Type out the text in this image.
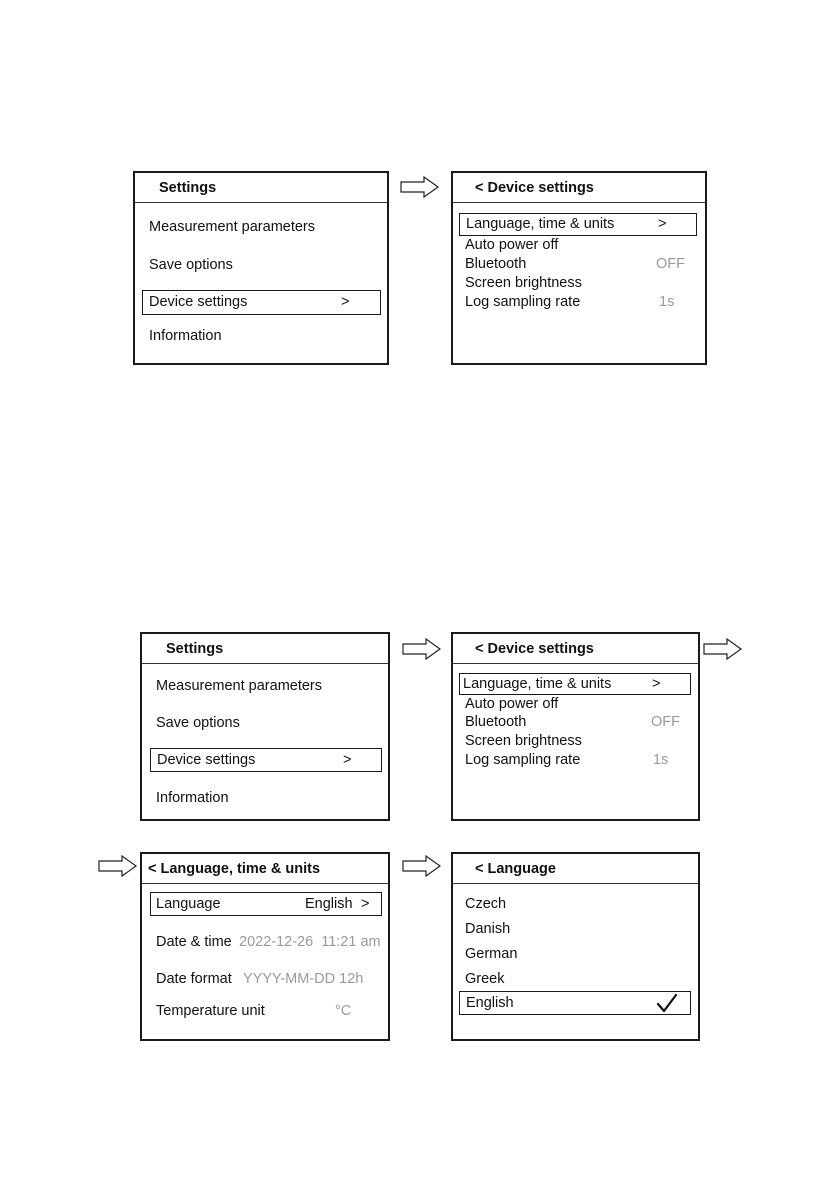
Settings
Measurement parameters
Save options
Device settings	>
Information
< Device settings
Language, time & units	>
Auto power off
Bluetooth	OFF
Screen brightness
Log sampling rate	1s
Settings
Measurement parameters
Save options
Device settings	>
Information
< Device settings
Language, time & units	>
Auto power off
Bluetooth	OFF
Screen brightness
Log sampling rate	1s
< Language, time & units
Language	English >
Date & time 2022-12-26  11:21 am
Date format YYYY-MM-DD 12h
Temperature unit	°C
< Language
Czech
Danish
German
Greek
English
